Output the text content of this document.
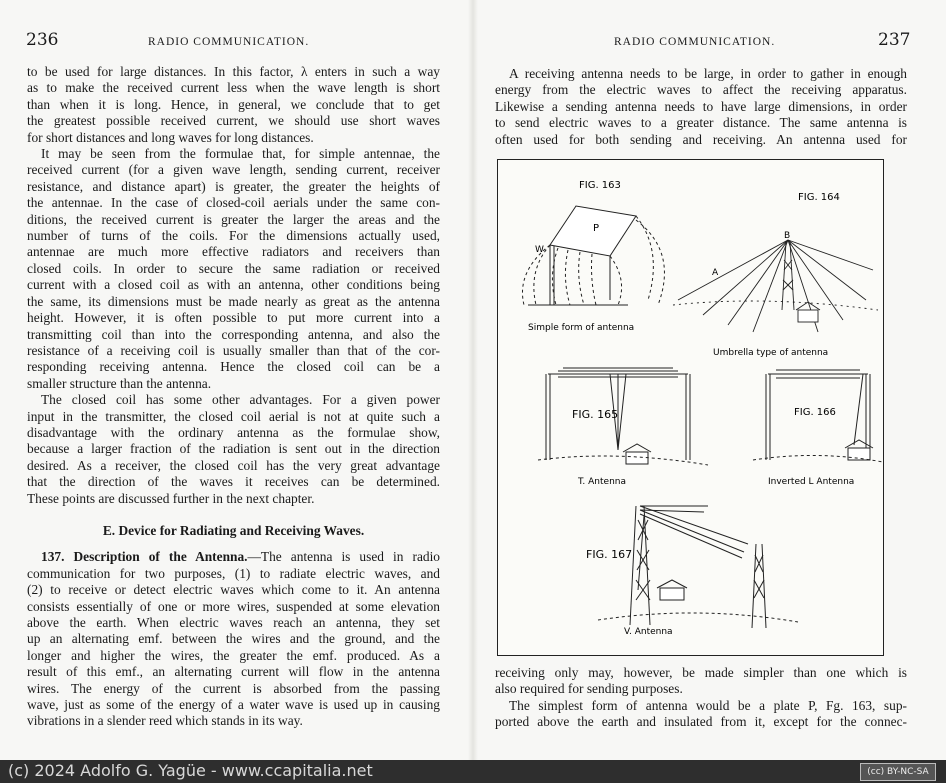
236	RADIO COMMUNICATION.

to be used for large distances. In this factor, λ enters in such a way
as to make the received current less when the wave length is short
than when it is long. Hence, in general, we conclude that to get
the greatest possible received current, we should use short waves
for short distances and long waves for long distances.

It may be seen from the formulae that, for simple antennae, the
received current (for a given wave length, sending current, receiver
resistance, and distance apart) is greater, the greater the heights of
the antennae. In the case of closed-coil aerials under the same con-
ditions, the received current is greater the larger the areas and the
number of turns of the coils. For the dimensions actually used,
antennae are much more effective radiators and receivers than
closed coils. In order to secure the same radiation or received
current with a closed coil as with an antenna, other conditions being
the same, its dimensions must be made nearly as great as the antenna
height. However, it is often possible to put more current into a
transmitting coil than into the corresponding antenna, and also the
resistance of a receiving coil is usually smaller than that of the cor-
responding receiving antenna. Hence the closed coil can be a
smaller structure than the antenna.

The closed coil has some other advantages. For a given power
input in the transmitter, the closed coil aerial is not at quite such a
disadvantage with the ordinary antenna as the formulae show,
because a larger fraction of the radiation is sent out in the direction
desired. As a receiver, the closed coil has the very great advantage
that the direction of the waves it receives can be determined.
These points are discussed further in the next chapter.

E. Device for Radiating and Receiving Waves.

137. Description of the Antenna.—The antenna is used in radio
communication for two purposes, (1) to radiate electric waves, and
(2) to receive or detect electric waves which come to it. An antenna
consists essentially of one or more wires, suspended at some elevation
above the earth. When electric waves reach an antenna, they set
up an alternating emf. between the wires and the ground, and the
longer and higher the wires, the greater the emf. produced. As a
result of this emf., an alternating current will flow in the antenna
wires. The energy of the current is absorbed from the passing
wave, just as some of the energy of a water wave is used up in causing
vibrations in a slender reed which stands in its way.

RADIO COMMUNICATION.	237

A receiving antenna needs to be large, in order to gather in enough
energy from the electric waves to affect the receiving apparatus.
Likewise a sending antenna needs to have large dimensions, in order
to send electric waves to a greater distance. The same antenna is
often used for both sending and receiving. An antenna used for

FIG. 163
P
W
Simple form of antenna
FIG. 164
B
A
Umbrella type of antenna
FIG. 165
T. Antenna
FIG. 166
Inverted L Antenna
FIG. 167
V. Antenna

receiving only may, however, be made simpler than one which is
also required for sending purposes.

The simplest form of antenna would be a plate P, Fg. 163, sup-
ported above the earth and insulated from it, except for the connec-

(c) 2024 Adolfo G. Yagüe - www.ccapitalia.net	(cc) BY-NC-SA
